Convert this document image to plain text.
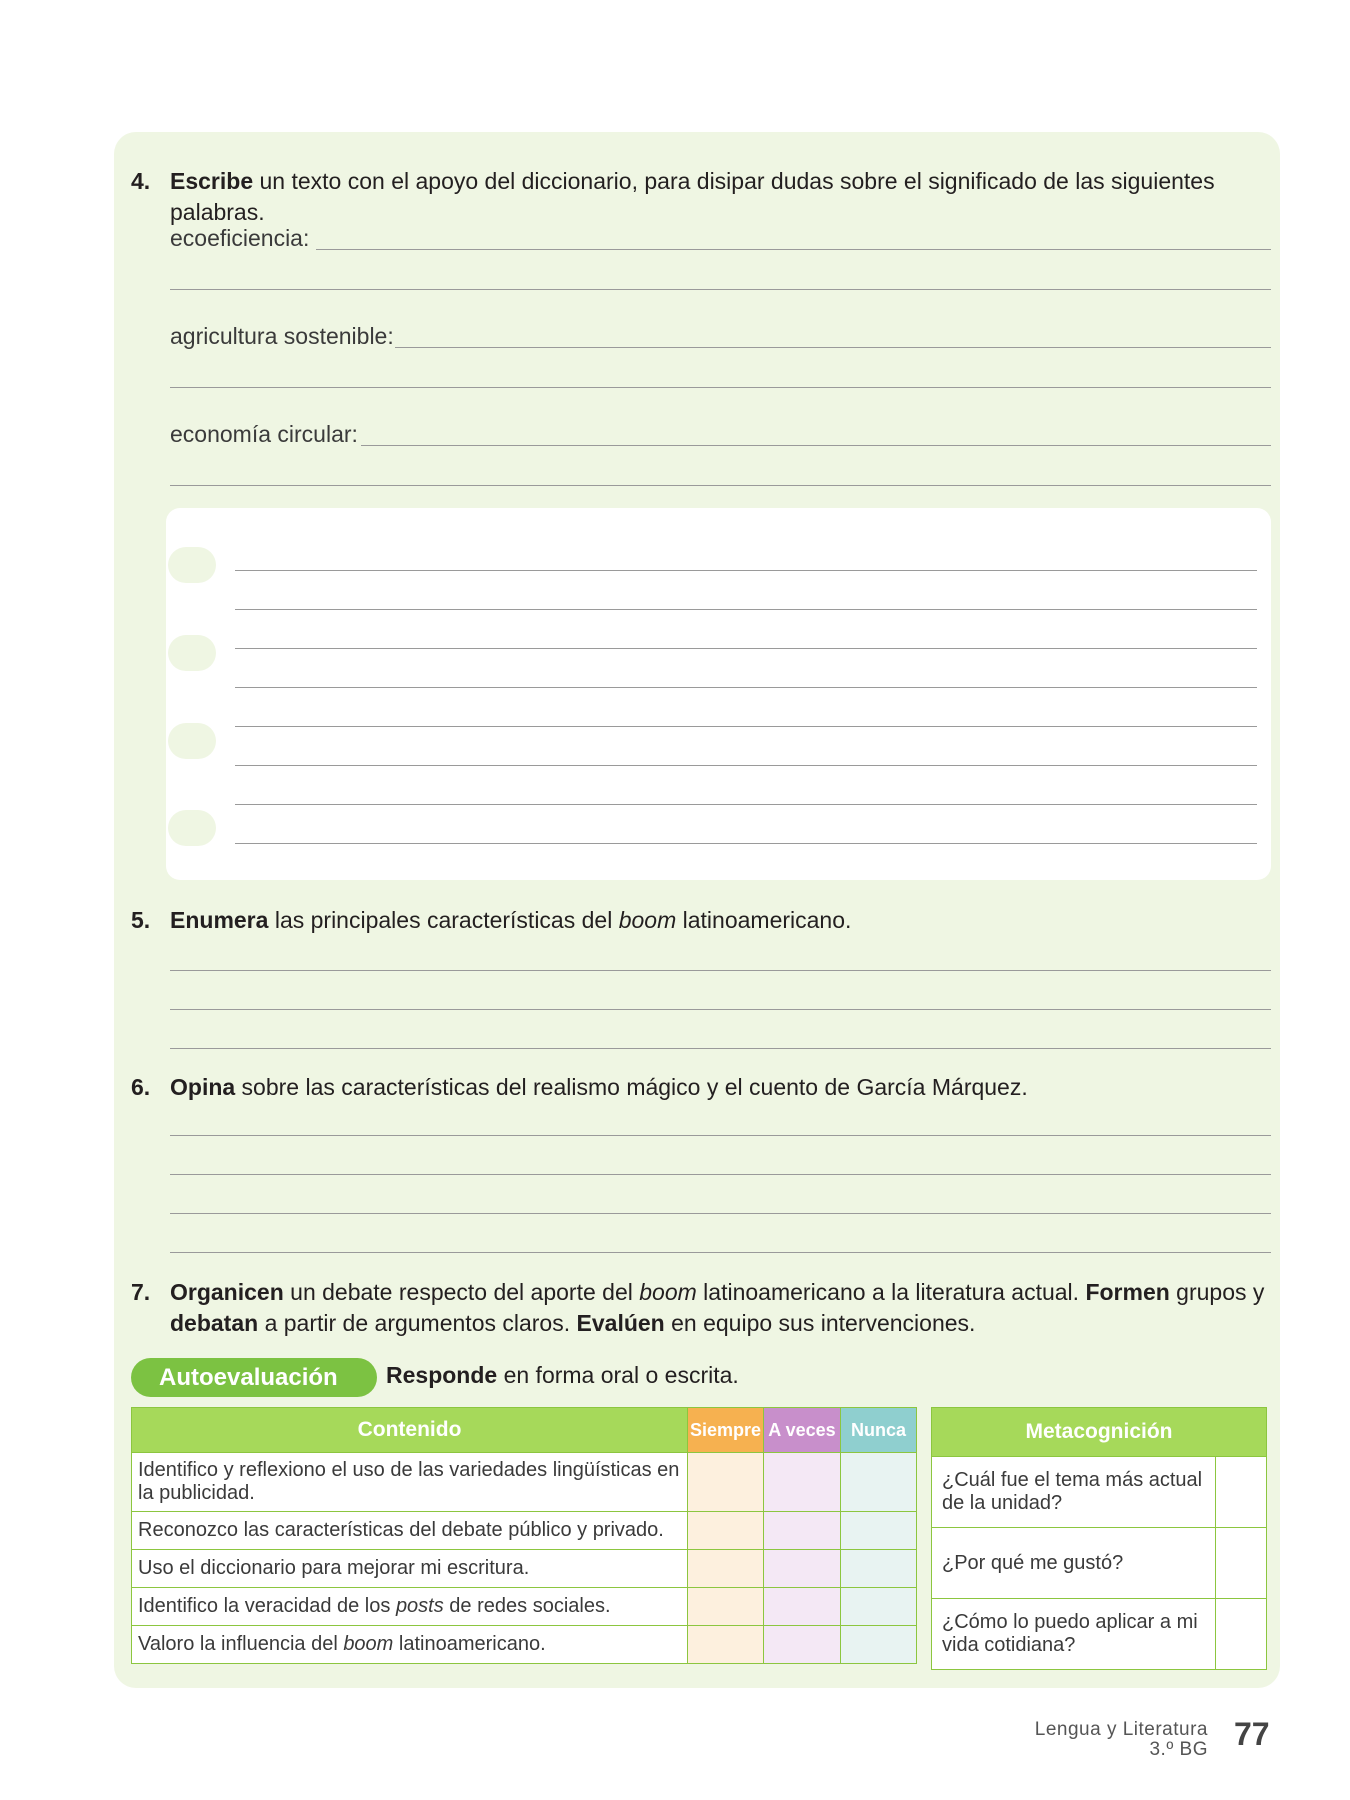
4. Escribe un texto con el apoyo del diccionario, para disipar dudas sobre el significado de las siguientes palabras.
ecoeficiencia:
agricultura sostenible:
economía circular:
5. Enumera las principales características del boom latinoamericano.
6. Opina sobre las características del realismo mágico y el cuento de García Márquez.
7. Organicen un debate respecto del aporte del boom latinoamericano a la literatura actual. Formen grupos y
debatan a partir de argumentos claros. Evalúen en equipo sus intervenciones.
Autoevaluación	Responde en forma oral o escrita.
Contenido	Siempre	A veces	Nunca
Identifico y reflexiono el uso de las variedades lingüísticas en la publicidad.			
Reconozco las características del debate público y privado.			
Uso el diccionario para mejorar mi escritura.			
Identifico la veracidad de los posts de redes sociales.			
Valoro la influencia del boom latinoamericano.			
Metacognición	
¿Cuál fue el tema más actual de la unidad?	
¿Por qué me gustó?	
¿Cómo lo puedo aplicar a mi vida cotidiana?	
Lengua y Literatura
3.º BG 77
